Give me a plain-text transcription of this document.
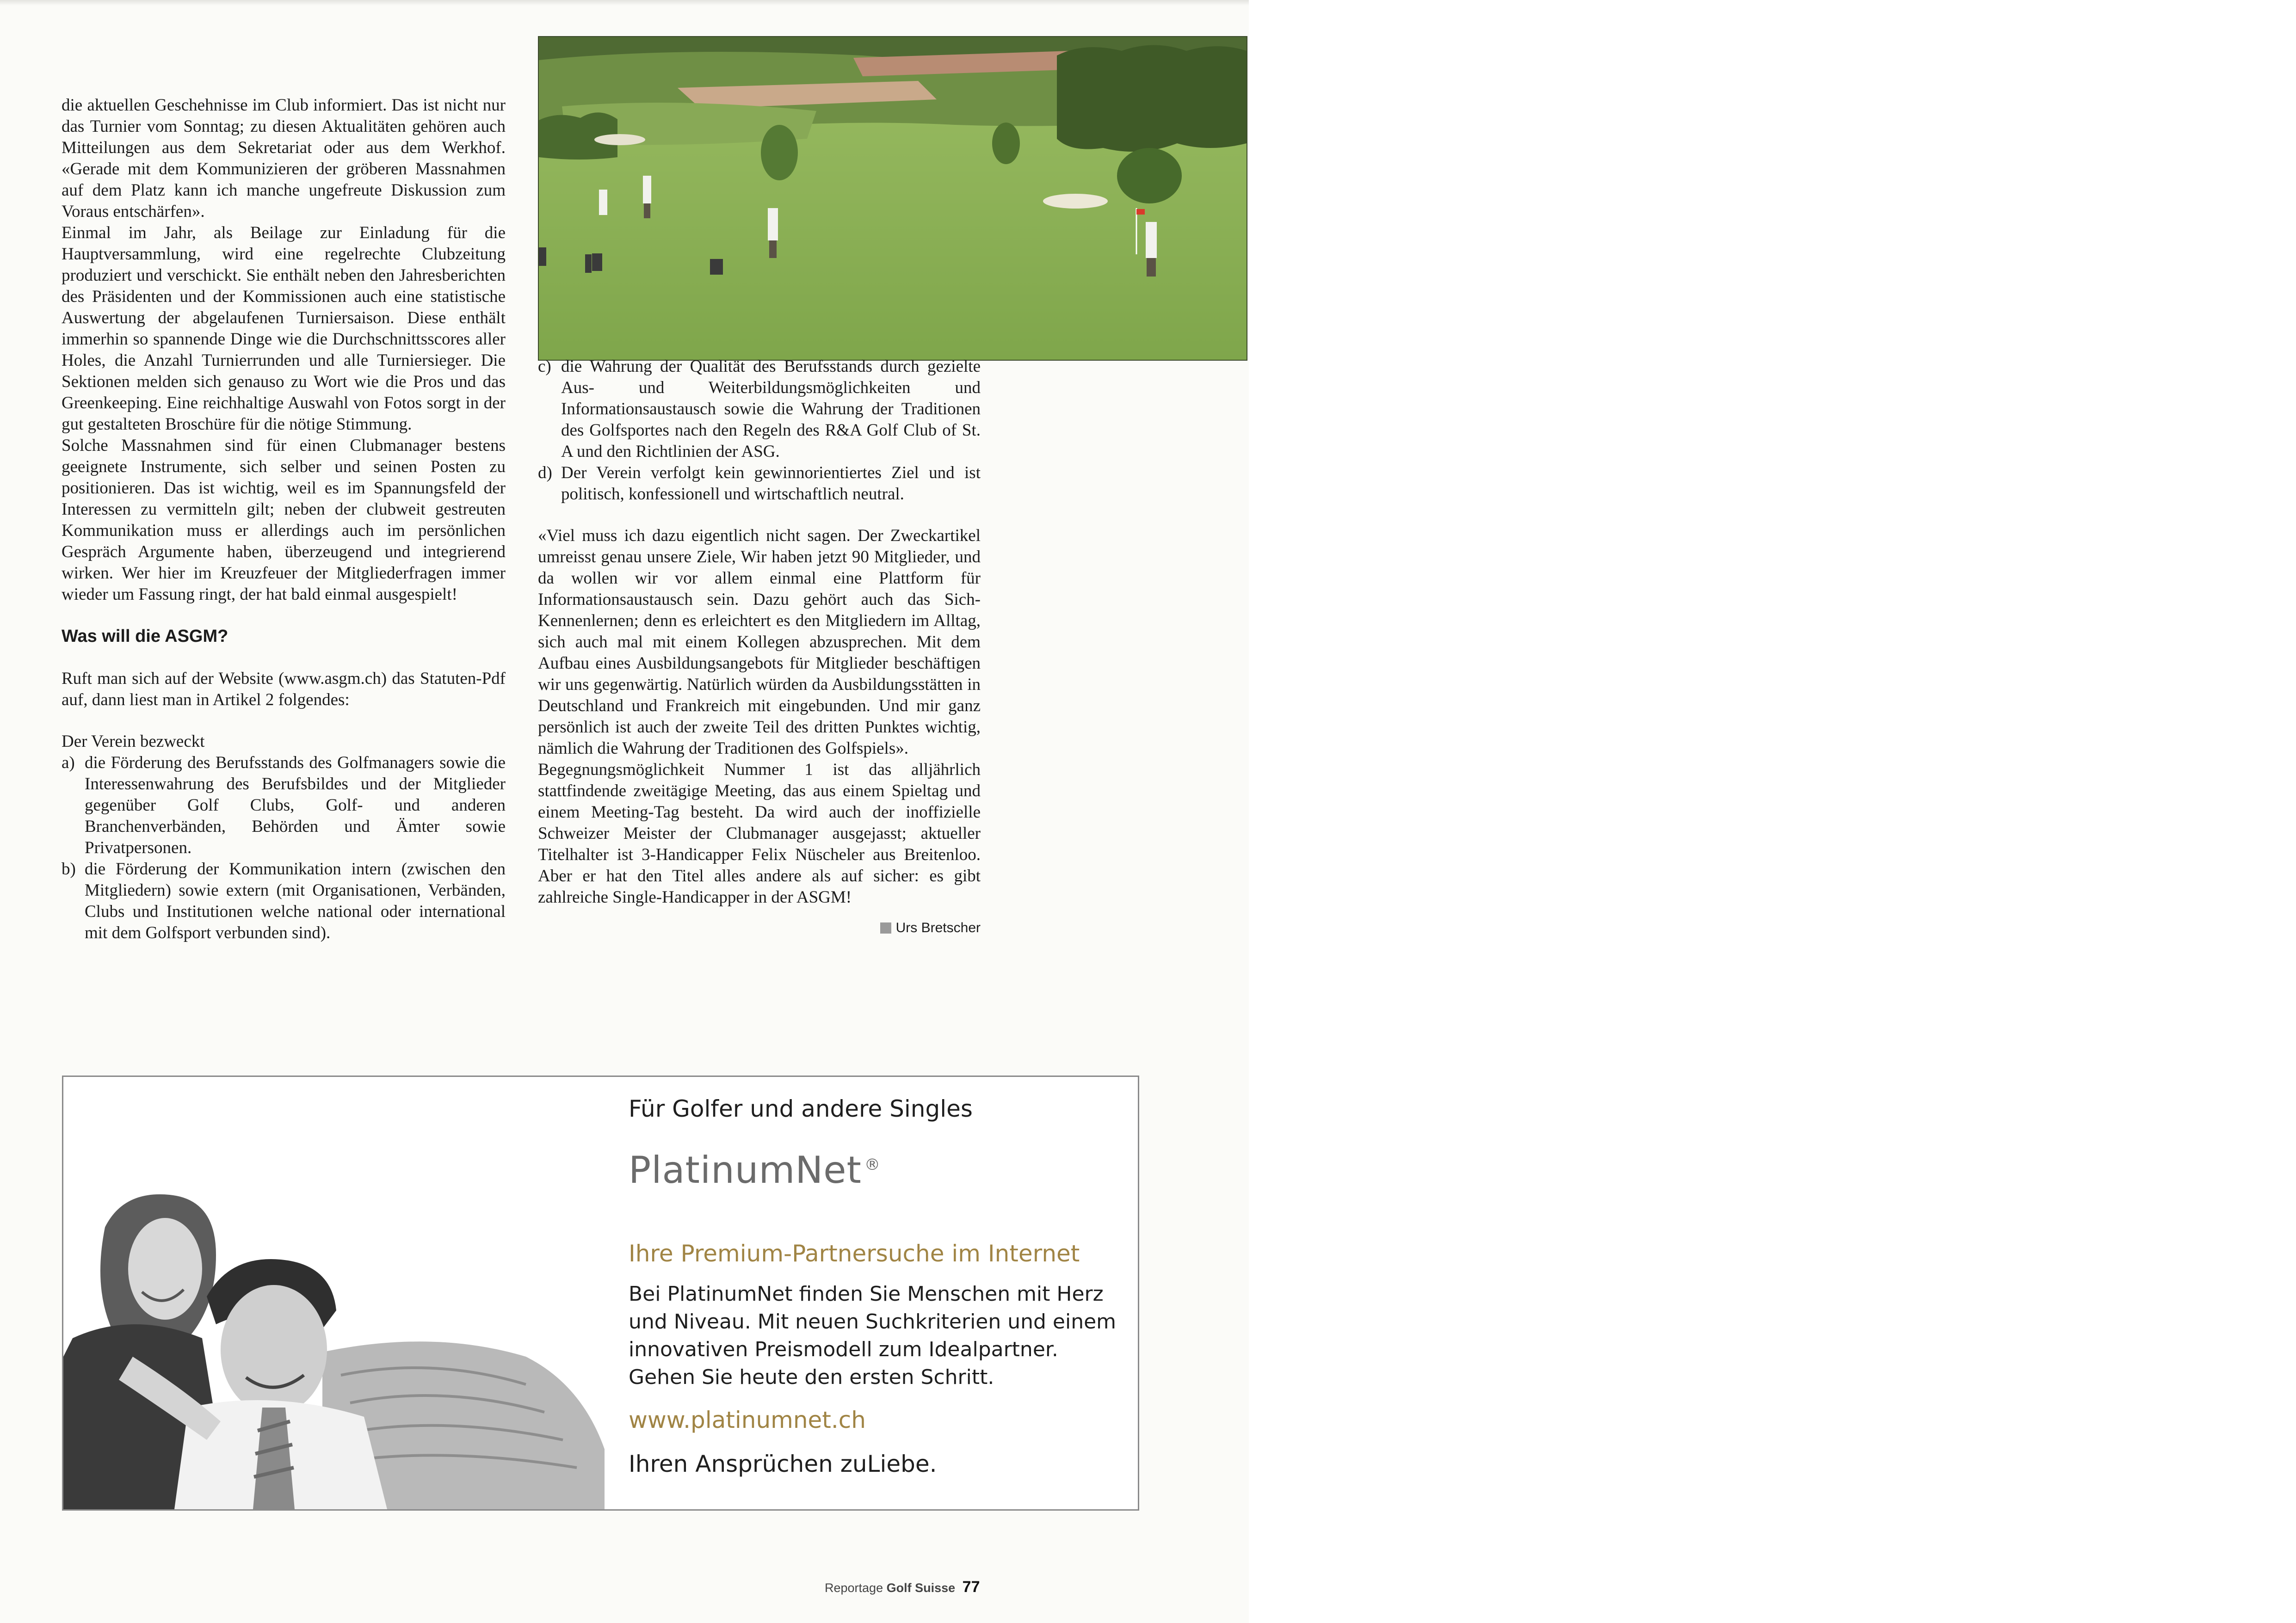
die aktuellen Geschehnisse im Club informiert. Das ist nicht nur das Turnier vom Sonntag; zu diesen Aktualitäten gehören auch Mitteilungen aus dem Sekretariat oder aus dem Werkhof. «Gerade mit dem Kommunizieren der gröberen Massnahmen auf dem Platz kann ich manche ungefreute Diskussion zum Voraus entschärfen».

Einmal im Jahr, als Beilage zur Einladung für die Hauptversammlung, wird eine regelrechte Clubzeitung produziert und verschickt. Sie enthält neben den Jahresberichten des Präsidenten und der Kommissionen auch eine statistische Auswertung der abgelaufenen Turniersaison. Diese enthält immerhin so spannende Dinge wie die Durchschnittsscores aller Holes, die Anzahl Turnierrunden und alle Turniersieger. Die Sektionen melden sich genauso zu Wort wie die Pros und das Greenkeeping. Eine reichhaltige Auswahl von Fotos sorgt in der gut gestalteten Broschüre für die nötige Stimmung.

Solche Massnahmen sind für einen Clubmanager bestens geeignete Instrumente, sich selber und seinen Posten zu positionieren. Das ist wichtig, weil es im Spannungsfeld der Interessen zu vermitteln gilt; neben der clubweit gestreuten Kommunikation muss er allerdings auch im persönlichen Gespräch Argumente haben, überzeugend und integrierend wirken. Wer hier im Kreuzfeuer der Mitgliederfragen immer wieder um Fassung ringt, der hat bald einmal ausgespielt!

Was will die ASGM?

Ruft man sich auf der Website (www.asgm.ch) das Statuten-Pdf auf, dann liest man in Artikel 2 folgendes:

Der Verein bezweckt

a) die Förderung des Berufsstands des Golfmanagers sowie die Interessenwahrung des Berufsbildes und der Mitglieder gegenüber Golf Clubs, Golf- und anderen Branchenverbänden, Behörden und Ämter sowie Privatpersonen.
b) die Förderung der Kommunikation intern (zwischen den Mitgliedern) sowie extern (mit Organisationen, Verbänden, Clubs und Institutionen welche national oder international mit dem Golfsport verbunden sind).
c) die Wahrung der Qualität des Berufsstands durch gezielte Aus- und Weiterbildungsmöglichkeiten und Informationsaustausch sowie die Wahrung der Traditionen des Golfsportes nach den Regeln des R&A Golf Club of St. A und den Richtlinien der ASG.
d) Der Verein verfolgt kein gewinnorientiertes Ziel und ist politisch, konfessionell und wirtschaftlich neutral.

«Viel muss ich dazu eigentlich nicht sagen. Der Zweckartikel umreisst genau unsere Ziele, Wir haben jetzt 90 Mitglieder, und da wollen wir vor allem einmal eine Plattform für Informationsaustausch sein. Dazu gehört auch das Sich-Kennenlernen; denn es erleichtert es den Mitgliedern im Alltag, sich auch mal mit einem Kollegen abzusprechen. Mit dem Aufbau eines Ausbildungsangebots für Mitglieder beschäftigen wir uns gegenwärtig. Natürlich würden da Ausbildungsstätten in Deutschland und Frankreich mit eingebunden. Und mir ganz persönlich ist auch der zweite Teil des dritten Punktes wichtig, nämlich die Wahrung der Traditionen des Golfspiels».

Begegnungsmöglichkeit Nummer 1 ist das alljährlich stattfindende zweitägige Meeting, das aus einem Spieltag und einem Meeting-Tag besteht. Da wird auch der inoffizielle Schweizer Meister der Clubmanager ausgejasst; aktueller Titelhalter ist 3-Handicapper Felix Nüscheler aus Breitenloo. Aber er hat den Titel alles andere als auf sicher: es gibt zahlreiche Single-Handicapper in der ASGM!

Urs Bretscher

Für Golfer und andere Singles
PlatinumNet ®
Ihre Premium-Partnersuche im Internet
Bei PlatinumNet finden Sie Menschen mit Herz und Niveau. Mit neuen Suchkriterien und einem innovativen Preismodell zum Idealpartner. Gehen Sie heute den ersten Schritt.
www.platinumnet.ch
Ihren Ansprüchen zuLiebe.
Reportage Golf Suisse 77
